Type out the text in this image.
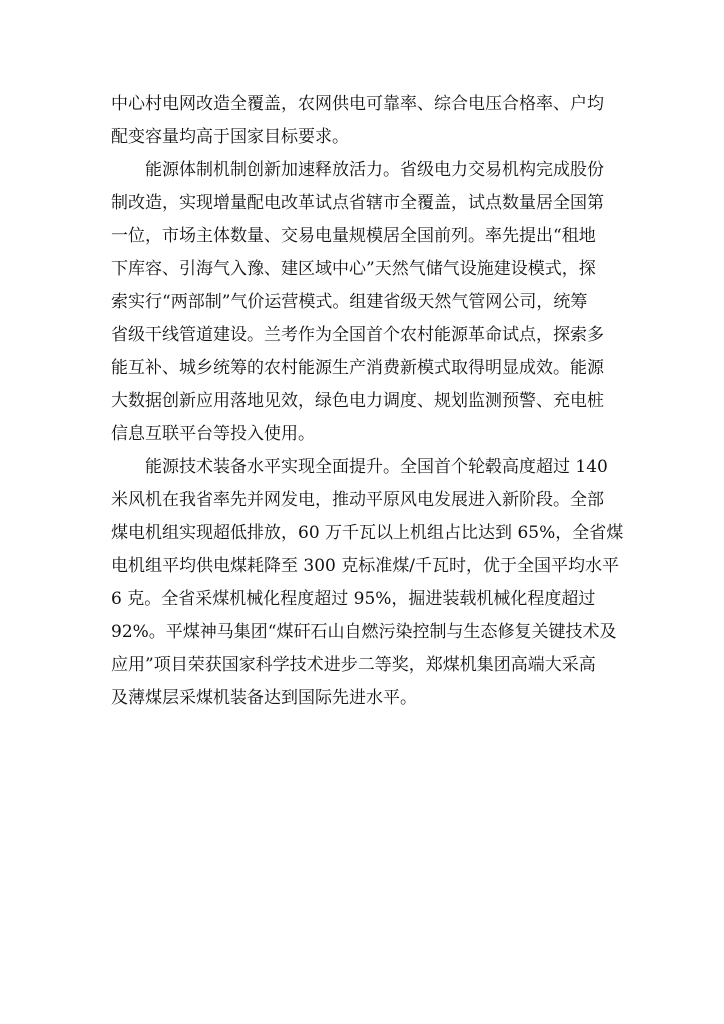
中心村电网改造全覆盖，农网供电可靠率、综合电压合格率、户均
配变容量均高于国家目标要求。
能源体制机制创新加速释放活力。省级电力交易机构完成股份
制改造，实现增量配电改革试点省辖市全覆盖，试点数量居全国第
一位，市场主体数量、交易电量规模居全国前列。率先提出“租地
下库容、引海气入豫、建区域中心”天然气储气设施建设模式，探
索实行“两部制”气价运营模式。组建省级天然气管网公司，统筹
省级干线管道建设。兰考作为全国首个农村能源革命试点，探索多
能互补、城乡统筹的农村能源生产消费新模式取得明显成效。能源
大数据创新应用落地见效，绿色电力调度、规划监测预警、充电桩
信息互联平台等投入使用。
能源技术装备水平实现全面提升。全国首个轮毂高度超过 140
米风机在我省率先并网发电，推动平原风电发展进入新阶段。全部
煤电机组实现超低排放，60 万千瓦以上机组占比达到 65%，全省煤
电机组平均供电煤耗降至 300 克标准煤/千瓦时，优于全国平均水平
6 克。全省采煤机械化程度超过 95%，掘进装载机械化程度超过
92%。平煤神马集团“煤矸石山自燃污染控制与生态修复关键技术及
应用”项目荣获国家科学技术进步二等奖，郑煤机集团高端大采高
及薄煤层采煤机装备达到国际先进水平。
